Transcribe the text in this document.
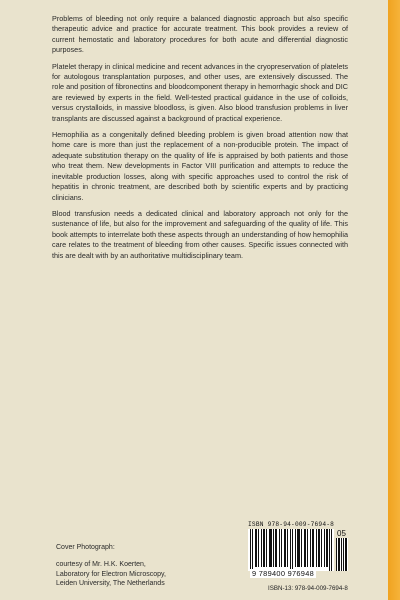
Problems of bleeding not only require a balanced diagnostic approach but also specific therapeutic advice and practice for accurate treatment. This book provides a review of current hemostatic and laboratory procedures for both acute and differential diagnostic purposes.

Platelet therapy in clinical medicine and recent advances in the cryopreservation of platelets for autologous transplantation purposes, and other uses, are extensively discussed. The role and position of fibronectins and bloodcomponent therapy in hemorrhagic shock and DIC are reviewed by experts in the field. Well-tested practical guidance in the use of colloids, versus crystalloids, in massive bloodloss, is given. Also blood transfusion problems in liver transplants are discussed against a background of practical experience.

Hemophilia as a congenitally defined bleeding problem is given broad attention now that home care is more than just the replacement of a non-producible protein. The impact of adequate substitution therapy on the quality of life is appraised by both patients and those who treat them. New developments in Factor VIII purification and attempts to reduce the inevitable production losses, along with specific approaches used to control the risk of hepatitis in chronic treatment, are described both by scientific experts and by practicing clinicians.

Blood transfusion needs a dedicated clinical and laboratory approach not only for the sustenance of life, but also for the improvement and safeguarding of the quality of life. This book attempts to interrelate both these aspects through an understanding of how hemophilia care relates to the treatment of bleeding from other causes. Specific issues connected with this are dealt with by an authoritative multidisciplinary team.

Cover Photograph:
courtesy of Mr. H.K. Koerten,
Laboratory for Electron Microscopy,
Leiden University, The Netherlands
ISBN 978-94-009-7694-8
05
9 789400 976948
ISBN-13: 978-94-009-7694-8
